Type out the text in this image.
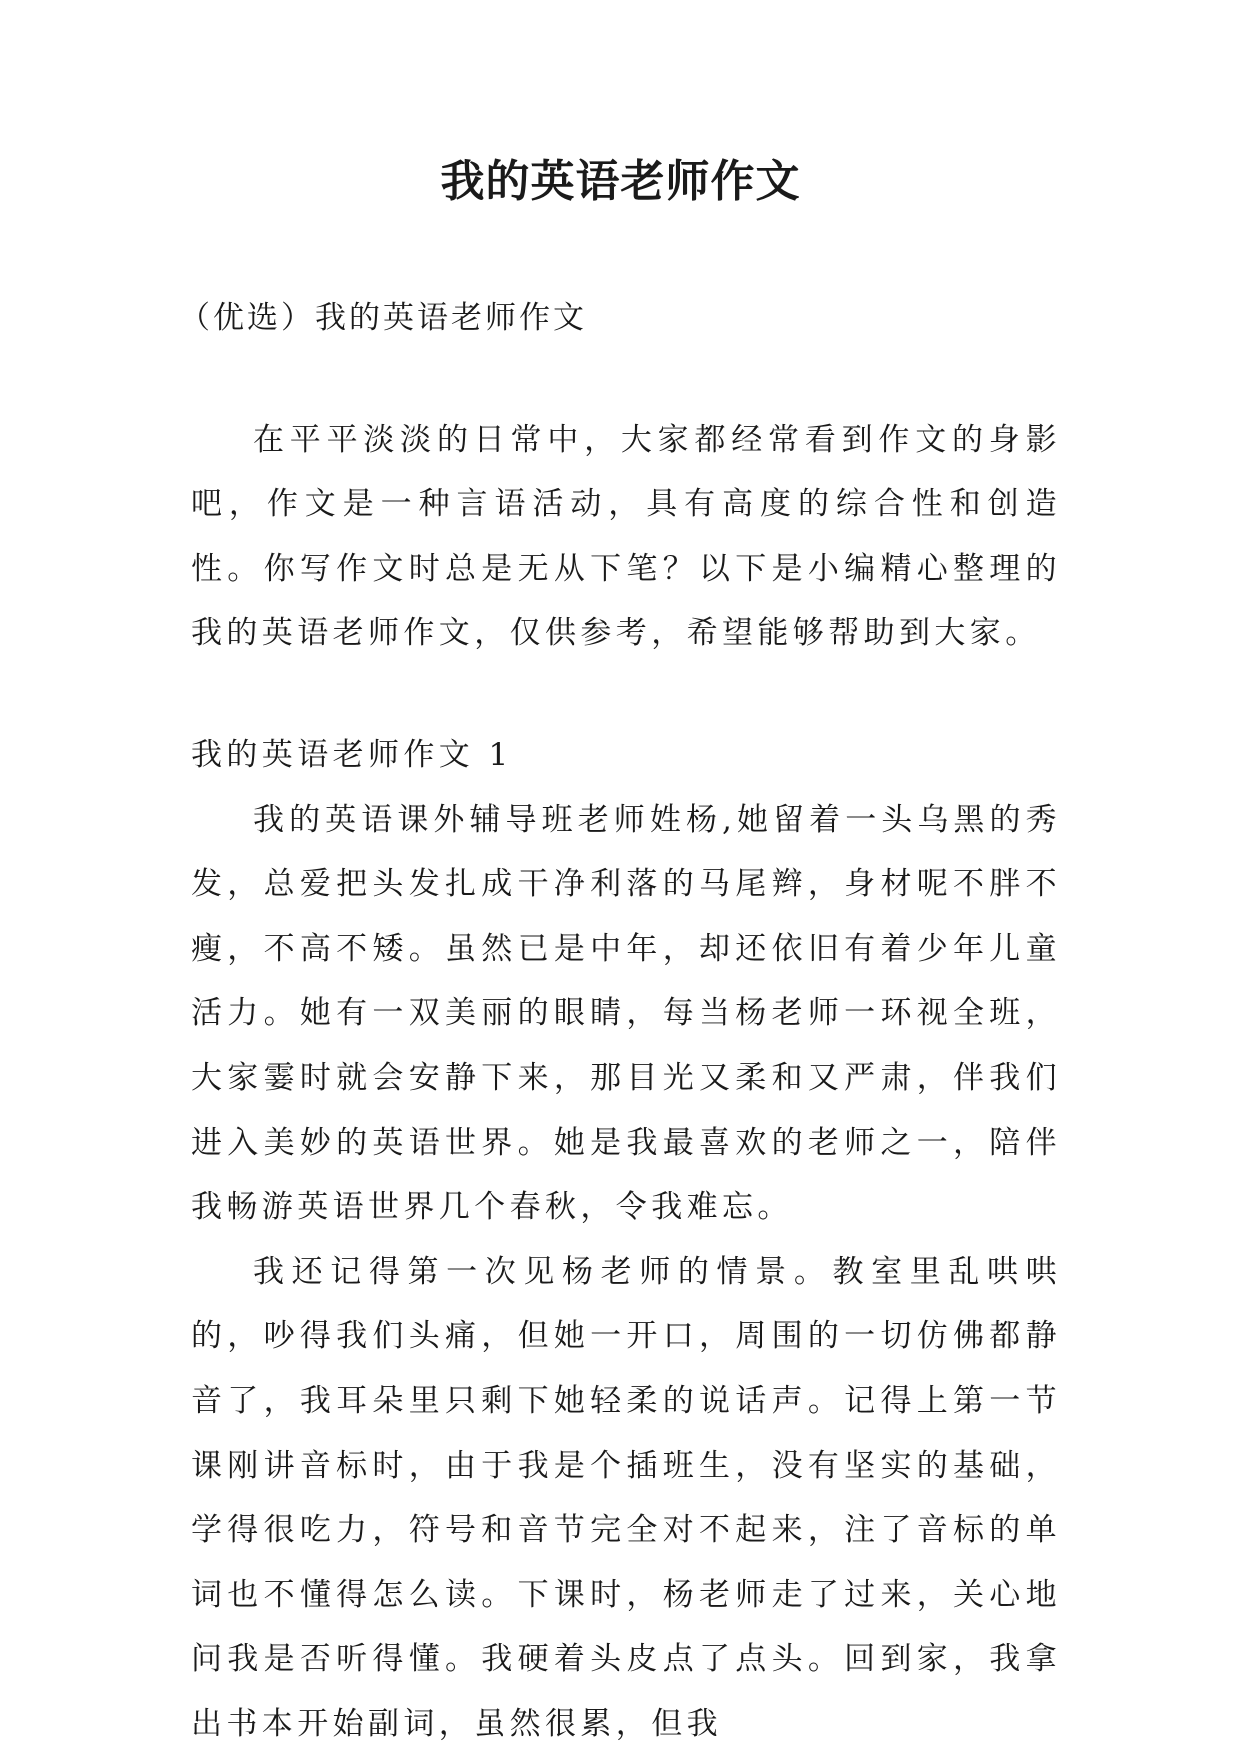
我的英语老师作文

（优选）我的英语老师作文

在平平淡淡的日常中，大家都经常看到作文的身影吧，作文是一种言语活动，具有高度的综合性和创造性。你写作文时总是无从下笔？以下是小编精心整理的我的英语老师作文，仅供参考，希望能够帮助到大家。

我的英语老师作文 1

我的英语课外辅导班老师姓杨,她留着一头乌黑的秀发，总爱把头发扎成干净利落的马尾辫，身材呢不胖不瘦，不高不矮。虽然已是中年，却还依旧有着少年儿童活力。她有一双美丽的眼睛，每当杨老师一环视全班，大家霎时就会安静下来，那目光又柔和又严肃，伴我们进入美妙的英语世界。她是我最喜欢的老师之一，陪伴我畅游英语世界几个春秋，令我难忘。

我还记得第一次见杨老师的情景。教室里乱哄哄的，吵得我们头痛，但她一开口，周围的一切仿佛都静音了，我耳朵里只剩下她轻柔的说话声。记得上第一节课刚讲音标时，由于我是个插班生，没有坚实的基础，学得很吃力，符号和音节完全对不起来，注了音标的单词也不懂得怎么读。下课时，杨老师走了过来，关心地问我是否听得懂。我硬着头皮点了点头。回到家，我拿出书本开始副词，虽然很累，但我
